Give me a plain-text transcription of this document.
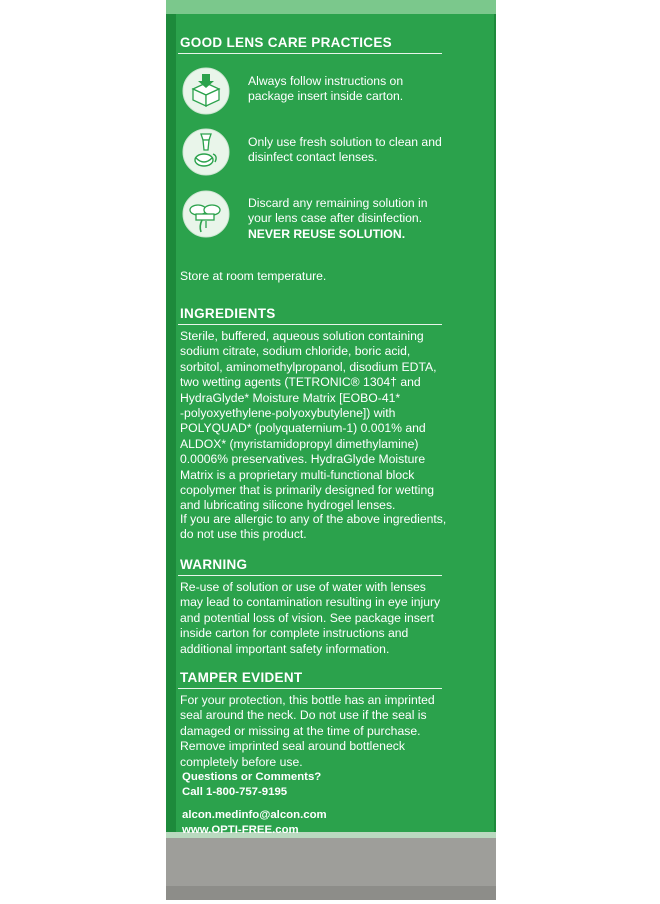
GOOD LENS CARE PRACTICES
Always follow instructions on
package insert inside carton.
Only use fresh solution to clean and
disinfect contact lenses.
Discard any remaining solution in
your lens case after disinfection.
NEVER REUSE SOLUTION.
Store at room temperature.
INGREDIENTS
Sterile, buffered, aqueous solution containing
sodium citrate, sodium chloride, boric acid,
sorbitol, aminomethylpropanol, disodium EDTA,
two wetting agents (TETRONIC® 1304† and
HydraGlyde* Moisture Matrix [EOBO-41*
-polyoxyethylene-polyoxybutylene]) with
POLYQUAD* (polyquaternium-1) 0.001% and
ALDOX* (myristamidopropyl dimethylamine)
0.0006% preservatives. HydraGlyde Moisture
Matrix is a proprietary multi-functional block
copolymer that is primarily designed for wetting
and lubricating silicone hydrogel lenses.
If you are allergic to any of the above ingredients,
do not use this product.
WARNING
Re-use of solution or use of water with lenses
may lead to contamination resulting in eye injury
and potential loss of vision. See package insert
inside carton for complete instructions and
additional important safety information.
TAMPER EVIDENT
For your protection, this bottle has an imprinted
seal around the neck. Do not use if the seal is
damaged or missing at the time of purchase.
Remove imprinted seal around bottleneck
completely before use.
Questions or Comments?
Call 1-800-757-9195
alcon.medinfo@alcon.com
www.OPTI-FREE.com
